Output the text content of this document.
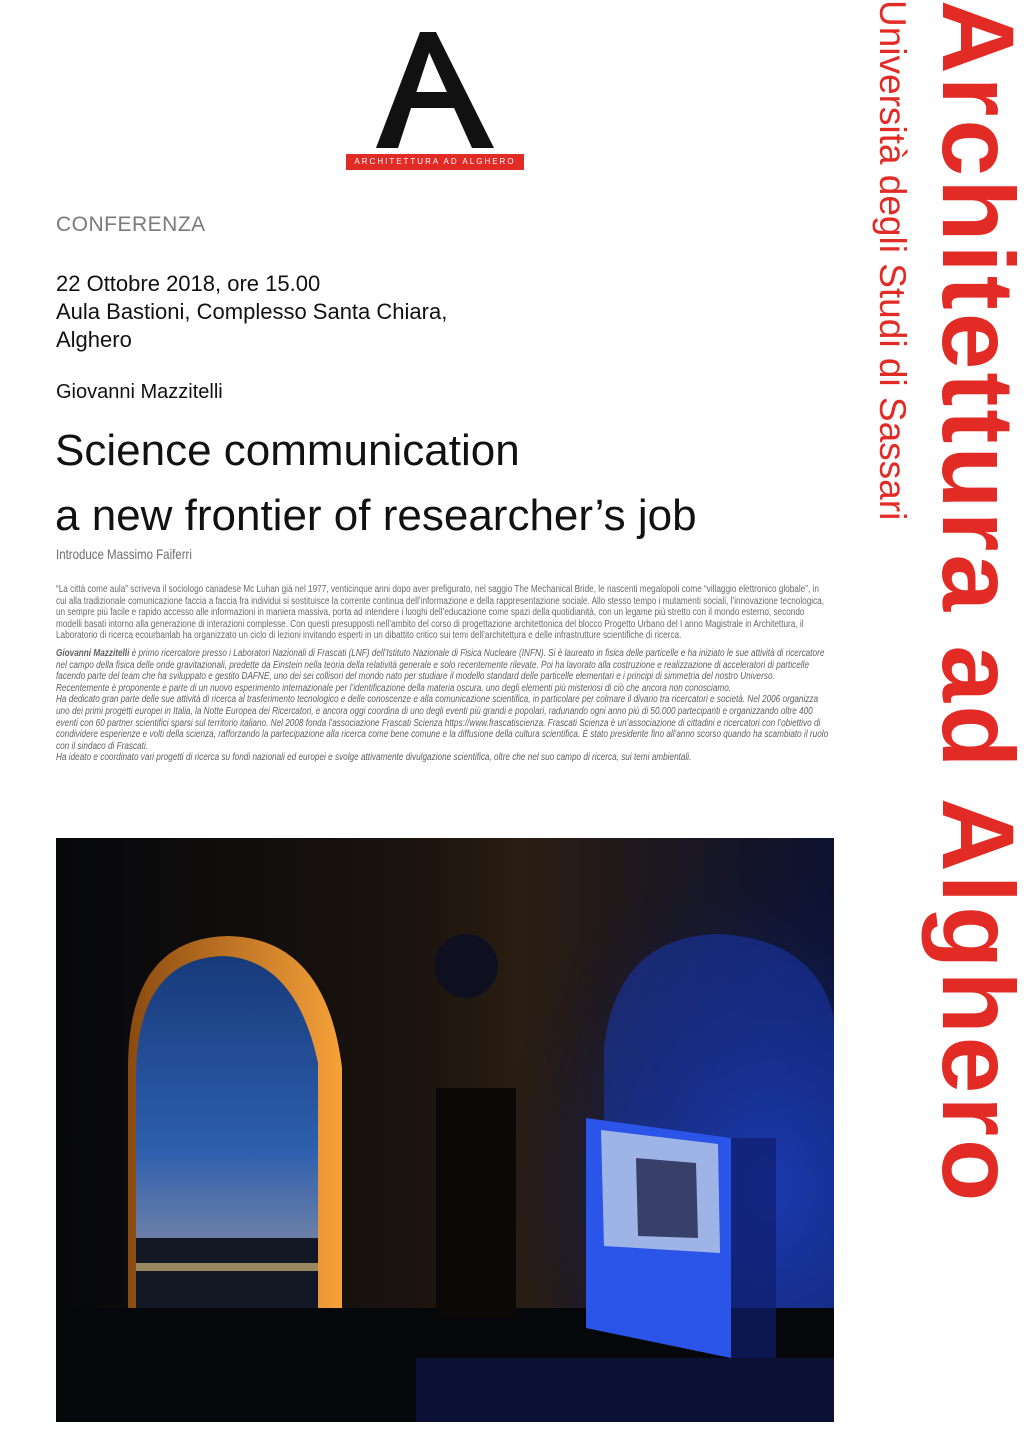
ARCHITETTURA AD ALGHERO
CONFERENZA
22 Ottobre 2018, ore 15.00
Aula Bastioni, Complesso Santa Chiara,
Alghero
Giovanni Mazzitelli
Science communication
a new frontier of researcher’s job
Introduce Massimo Faiferri

“La città come aula” scriveva il sociologo canadese Mc Luhan già nel 1977, venticinque anni dopo aver prefigurato, nel saggio The Mechanical Bride, le nascenti megalopoli come “villaggio elettronico globale”, in cui alla tradizionale comunicazione faccia a faccia fra individui si sostituisce la corrente continua dell’informazione e della rappresentazione sociale. Allo stesso tempo i mutamenti sociali, l’innovazione tecnologica, un sempre più facile e rapido accesso alle informazioni in maniera massiva, porta ad intendere i luoghi dell’educazione come spazi della quotidianità, con un legame più stretto con il mondo esterno, secondo modelli basati intorno alla generazione di interazioni complesse. Con questi presupposti nell’ambito del corso di progettazione architettonica del blocco Progetto Urbano del I anno Magistrale in Architettura, il Laboratorio di ricerca ecourbanlab ha organizzato un ciclo di lezioni invitando esperti in un dibattito critico sui temi dell’architettura e delle infrastrutture scientifiche di ricerca.

Giovanni Mazzitelli è primo ricercatore presso i Laboratori Nazionali di Frascati (LNF) dell’Istituto Nazionale di Fisica Nucleare (INFN). Si è laureato in fisica delle particelle e ha iniziato le sue attività di ricercatore nel campo della fisica delle onde gravitazionali, predette da Einstein nella teoria della relatività generale e solo recentemente rilevate. Poi ha lavorato alla costruzione e realizzazione di acceleratori di particelle facendo parte del team che ha sviluppato e gestito DAFNE, uno dei sei collisori del mondo nato per studiare il modello standard delle particelle elementari e i principi di simmetria del nostro Universo. Recentemente è proponente e parte di un nuovo esperimento internazionale per l’identificazione della materia oscura, uno degli elementi più misteriosi di ciò che ancora non conosciamo.

Ha dedicato gran parte delle sue attività di ricerca al trasferimento tecnologico e delle conoscenze e alla comunicazione scientifica, in particolare per colmare il divario tra ricercatori e società. Nel 2006 organizza uno dei primi progetti europei in Italia, la Notte Europea dei Ricercatori, e ancora oggi coordina di uno degli eventi più grandi e popolari, radunando ogni anno più di 50.000 partecipanti e organizzando oltre 400 eventi con 60 partner scientifici sparsi sul territorio italiano. Nel 2008 fonda l’associazione Frascati Scienza https://www.frascatiscienza. Frascati Scienza è un’associazione di cittadini e ricercatori con l’obiettivo di condividere esperienze e volti della scienza, rafforzando la partecipazione alla ricerca come bene comune e la diffusione della cultura scientifica. È stato presidente fino all’anno scorso quando ha scambiato il ruolo con il sindaco di Frascati.

Ha ideato e coordinato vari progetti di ricerca su fondi nazionali ed europei e svolge attivamente divulgazione scientifica, oltre che nel suo campo di ricerca, sui temi ambientali.

Università degli Studi di Sassari Architettura ad Alghero
